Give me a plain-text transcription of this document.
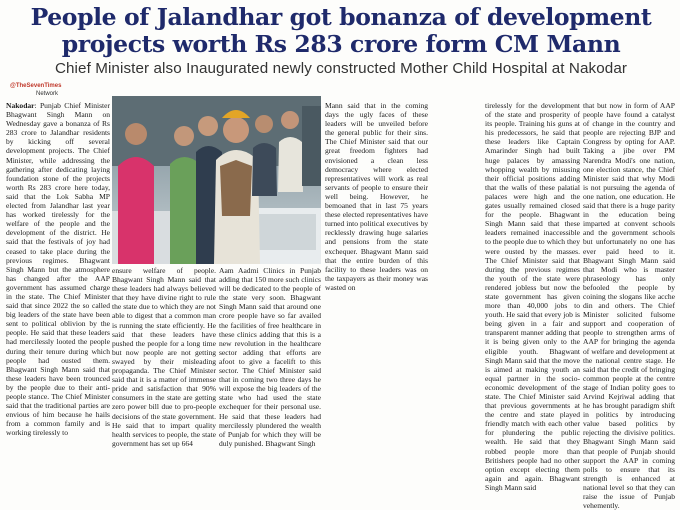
People of Jalandhar got bonanza of development
projects worth Rs 283 crore form CM Mann

Chief Minister also Inaugurated newly constructed Mother Child Hospital at Nakodar

@TheSevenTimes
Network

Nakodar: Punjab Chief Minister Bhagwant Singh Mann on Wednesday gave a bonanza of Rs 283 crore to Jalandhar residents by kicking off several development projects. The Chief Minister, while addressing the gathering after dedicating laying foundation stone of the projects worth Rs 283 crore here today, said that the Lok Sabha MP elected from Jalandhar last year has worked tirelessly for the welfare of the people and the development of the district. He said that the festivals of joy had ceased to take place during the previous regimes. Bhagwant Singh Mann but the atmosphere has changed after the AAP government has assumed charge in the state. The Chief Minister said that since 2022 the so called big leaders of the state have been sent to political oblivion by the people. He said that these leaders had mercilessly looted the people during their tenure during which people had ousted them. Bhagwant Singh Mann said that these leaders have been trounced by the people due to their anti-people stance. The Chief Minister said that the traditional parties are envious of him because he hails from a common family and is working tirelessly to

ensure welfare of people. Bhagwant Singh Mann said that these leaders had always believed that they have divine right to rule the state due to which they are not able to digest that a common man is running the state efficiently. He said that these leaders have pushed the people for a long time but now people are not getting swayed by their misleading propaganda. The Chief Minister said that it is a matter of immense pride and satisfaction that 90% consumers in the state are getting zero power bill due to pro-people decisions of the state government. He said that to impart quality health services to people, the state government has set up 664

Aam Aadmi Clinics in Punjab adding that 150 more such clinics will be dedicated to the people of the state very soon. Bhagwant Singh Mann said that around one crore people have so far availed the facilities of free healthcare in these clinics adding that this is a new revolution in the healthcare sector adding that efforts are afoot to give a facelift to this sector. The Chief Minister said that in coming two three days he will expose the big leaders of the state who had used the state exchequer for their personal use. He said that these leaders had mercilessly plundered the wealth of Punjab for which they will be duly punished. Bhagwant Singh

tirelessly for the development of the state and prosperity of its people. Training his guns at his predecessors, he said that these leaders like Captain Amarinder Singh had built huge palaces by amassing whopping wealth by misusing their official positions adding that the walls of these palatial palaces were high and the gates usually remained closed for the people. Bhagwant Singh Mann said that these leaders remained inaccessible to the people due to which they were ousted by the masses. The Chief Minister said that during the previous regimes the youth of the state were rendered jobless but now the state government has given more than 40,000 jobs to youth. He said that every job is being given in a fair and transparent manner adding that it is being given only to the eligible youth. Bhagwant Singh Mann said that the move is aimed at making youth an equal partner in the socio-economic development of the state. The Chief Minister said that previous governments at the centre and state played friendly match with each other for plundering the public wealth. He said that they robbed people more than Britishers people had no other option except electing them again and again. Bhagwant Singh Mann said

that but now in form of AAP people have found a catalyst of change in the country and people are rejecting BJP and Congress by opting for AAP. Taking a jibe over PM Narendra Modi's one nation, one election stance, the Chief Minister said that why Modi is not pursuing the agenda of one nation, one education. He said that there is a huge parity in the education being imparted at convent schools and the government schools but unfortunately no one has ever paid heed to it. Bhagwant Singh Mann said that Modi who is master phraseology has only befooled the people by coining the slogans like acche din and others. The Chief Minister solicited fulsome support and cooperation of people to strengthen arms of AAP for bringing the agenda of welfare and development at the national centre stage. He said that the credit of bringing common people at the centre stage of Indian polity goes to Arvind Kejriwal adding that he has brought paradigm shift in politics by introducing value based politics by rejecting the divisive politics. Bhagwant Singh Mann said that people of Punjab should support the AAP in coming polls to ensure that its strength is enhanced at national level so that they can raise the issue of Punjab vehemently.

Mann said that in the coming days the ugly faces of these leaders will be unveiled before the general public for their sins. The Chief Minister said that our great freedom fighters had envisioned a clean less democracy where elected representatives will work as real servants of people to ensure their well being. However, he bemoaned that in last 75 years these elected representatives have turned into political executives by recklessly drawing huge salaries and pensions from the state exchequer. Bhagwant Mann said that the entire burden of this facility to these leaders was on the taxpayers as their money was wasted on
